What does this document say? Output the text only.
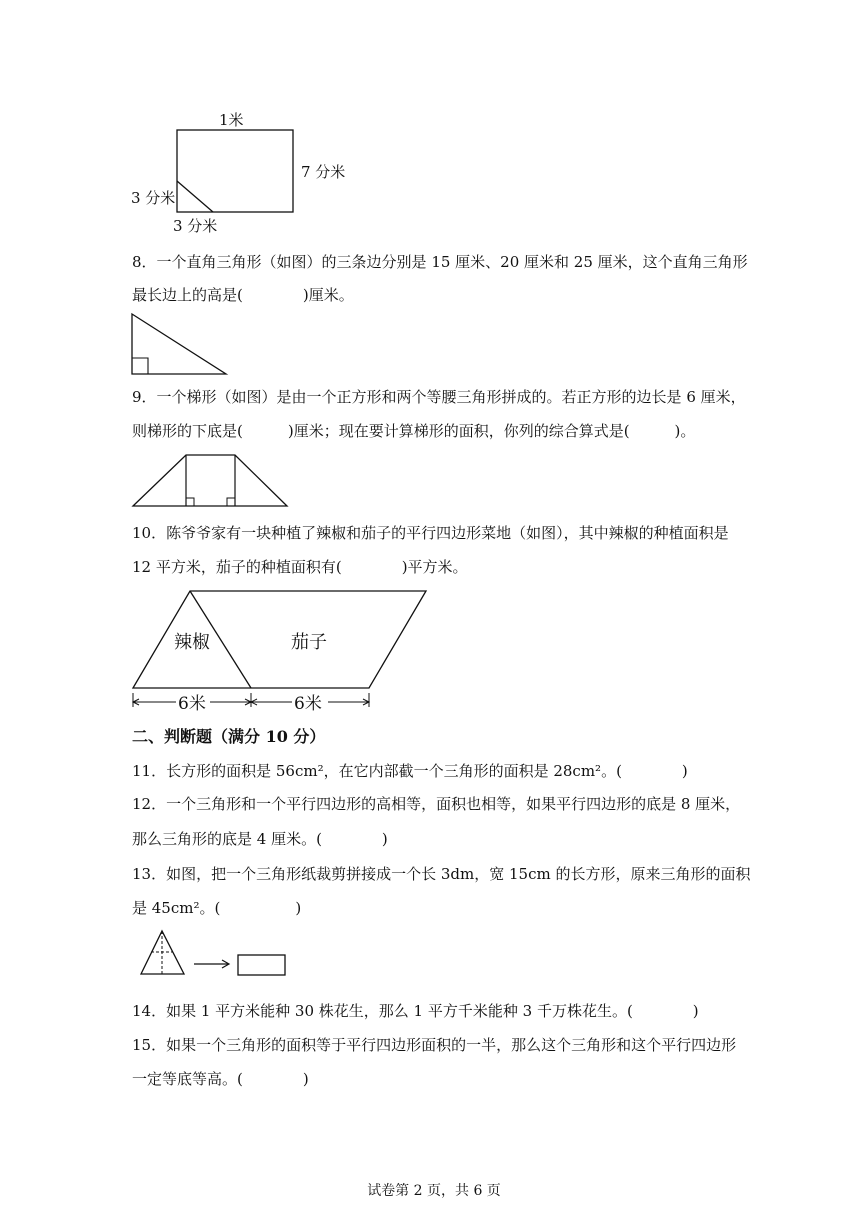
1米
7 分米
3 分米
3 分米
8．一个直角三角形（如图）的三条边分别是 15 厘米、20 厘米和 25 厘米，这个直角三角形
最长边上的高是(　　　　)厘米。
9．一个梯形（如图）是由一个正方形和两个等腰三角形拼成的。若正方形的边长是 6 厘米，
则梯形的下底是(　　　)厘米；现在要计算梯形的面积，你列的综合算式是(　　　)。
10．陈爷爷家有一块种植了辣椒和茄子的平行四边形菜地（如图），其中辣椒的种植面积是
12 平方米，茄子的种植面积有(　　　　)平方米。
辣椒	茄子
6米	6米
二、判断题（满分 10 分）
11．长方形的面积是 56cm²，在它内部截一个三角形的面积是 28cm²。(　　　　)
12．一个三角形和一个平行四边形的高相等，面积也相等，如果平行四边形的底是 8 厘米，
那么三角形的底是 4 厘米。(　　　　)
13．如图，把一个三角形纸裁剪拼接成一个长 3dm，宽 15cm 的长方形，原来三角形的面积
是 45cm²。(　　　　　)
14．如果 1 平方米能种 30 株花生，那么 1 平方千米能种 3 千万株花生。(　　　　)
15．如果一个三角形的面积等于平行四边形面积的一半，那么这个三角形和这个平行四边形
一定等底等高。(　　　　)
试卷第 2 页，共 6 页
